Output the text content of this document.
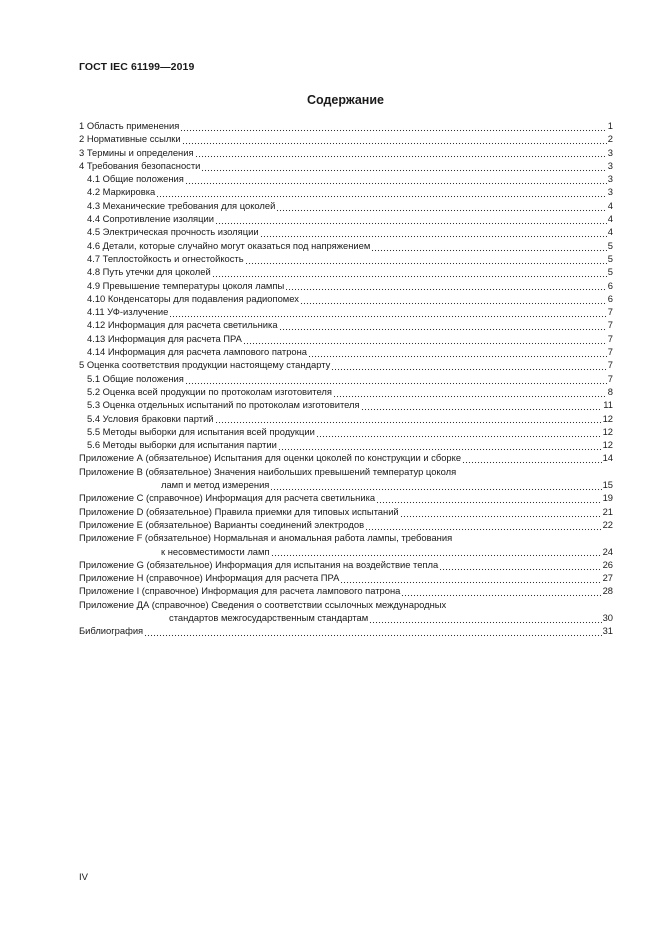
ГОСТ IEC 61199—2019
Содержание
1 Область применения	1
2 Нормативные ссылки	2
3 Термины и определения	3
4 Требования безопасности	3
4.1 Общие положения	3
4.2 Маркировка	3
4.3 Механические требования для цоколей	4
4.4 Сопротивление изоляции	4
4.5 Электрическая прочность изоляции	4
4.6 Детали, которые случайно могут оказаться под напряжением	5
4.7 Теплостойкость и огнестойкость	5
4.8 Путь утечки для цоколей	5
4.9 Превышение температуры цоколя лампы	6
4.10 Конденсаторы для подавления радиопомех	6
4.11 УФ-излучение	7
4.12 Информация для расчета светильника	7
4.13 Информация для расчета ПРА	7
4.14 Информация для расчета лампового патрона	7
5 Оценка соответствия продукции настоящему стандарту	7
5.1 Общие положения	7
5.2 Оценка всей продукции по протоколам изготовителя	8
5.3 Оценка отдельных испытаний по протоколам изготовителя	11
5.4 Условия браковки партий	12
5.5 Методы выборки для испытания всей продукции	12
5.6 Методы выборки для испытания партии	12
Приложение А (обязательное) Испытания для оценки цоколей по конструкции и сборке	14
Приложение В (обязательное) Значения наибольших превышений температур цоколя
ламп и метод измерения	15
Приложение С (справочное) Информация для расчета светильника	19
Приложение D (обязательное) Правила приемки для типовых испытаний	21
Приложение Е (обязательное) Варианты соединений электродов	22
Приложение F (обязательное) Нормальная и аномальная работа лампы, требования
к несовместимости ламп	24
Приложение G (обязательное) Информация для испытания на воздействие тепла	26
Приложение Н (справочное) Информация для расчета ПРА	27
Приложение I (справочное) Информация для расчета лампового патрона	28
Приложение ДА (справочное) Сведения о соответствии ссылочных международных
стандартов межгосударственным стандартам	30
Библиография	31
IV
